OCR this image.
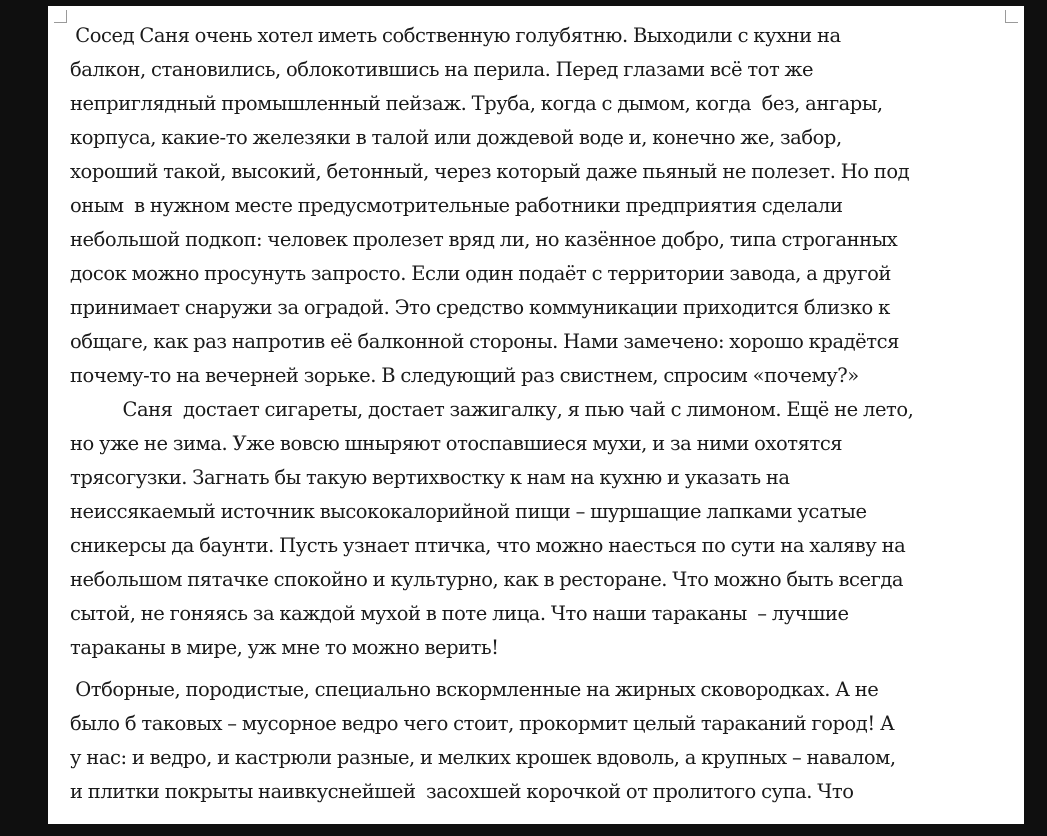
Сосед Саня очень хотел иметь собственную голубятню. Выходили с кухни на
балкон, становились, облокотившись на перила. Перед глазами всё тот же
неприглядный промышленный пейзаж. Труба, когда с дымом, когда  без, ангары,
корпуса, какие-то железяки в талой или дождевой воде и, конечно же, забор,
хороший такой, высокий, бетонный, через который даже пьяный не полезет. Но под
оным  в нужном месте предусмотрительные работники предприятия сделали
небольшой подкоп: человек пролезет вряд ли, но казённое добро, типа строганных
досок можно просунуть запросто. Если один подаёт с территории завода, а другой
принимает снаружи за оградой. Это средство коммуникации приходится близко к
общаге, как раз напротив её балконной стороны. Нами замечено: хорошо крадётся
почему-то на вечерней зорьке. В следующий раз свистнем, спросим «почему?»
Саня  достает сигареты, достает зажигалку, я пью чай с лимоном. Ещё не лето,
но уже не зима. Уже вовсю шныряют отоспавшиеся мухи, и за ними охотятся
трясогузки. Загнать бы такую вертихвостку к нам на кухню и указать на
неиссякаемый источник высококалорийной пищи – шуршащие лапками усатые
сникерсы да баунти. Пусть узнает птичка, что можно наесться по сути на халяву на
небольшом пятачке спокойно и культурно, как в ресторане. Что можно быть всегда
сытой, не гоняясь за каждой мухой в поте лица. Что наши тараканы  – лучшие
тараканы в мире, уж мне то можно верить!
Отборные, породистые, специально вскормленные на жирных сковородках. А не
было б таковых – мусорное ведро чего стоит, прокормит целый тараканий город! А
у нас: и ведро, и кастрюли разные, и мелких крошек вдоволь, а крупных – навалом,
и плитки покрыты наивкуснейшей  засохшей корочкой от пролитого супа. Что
